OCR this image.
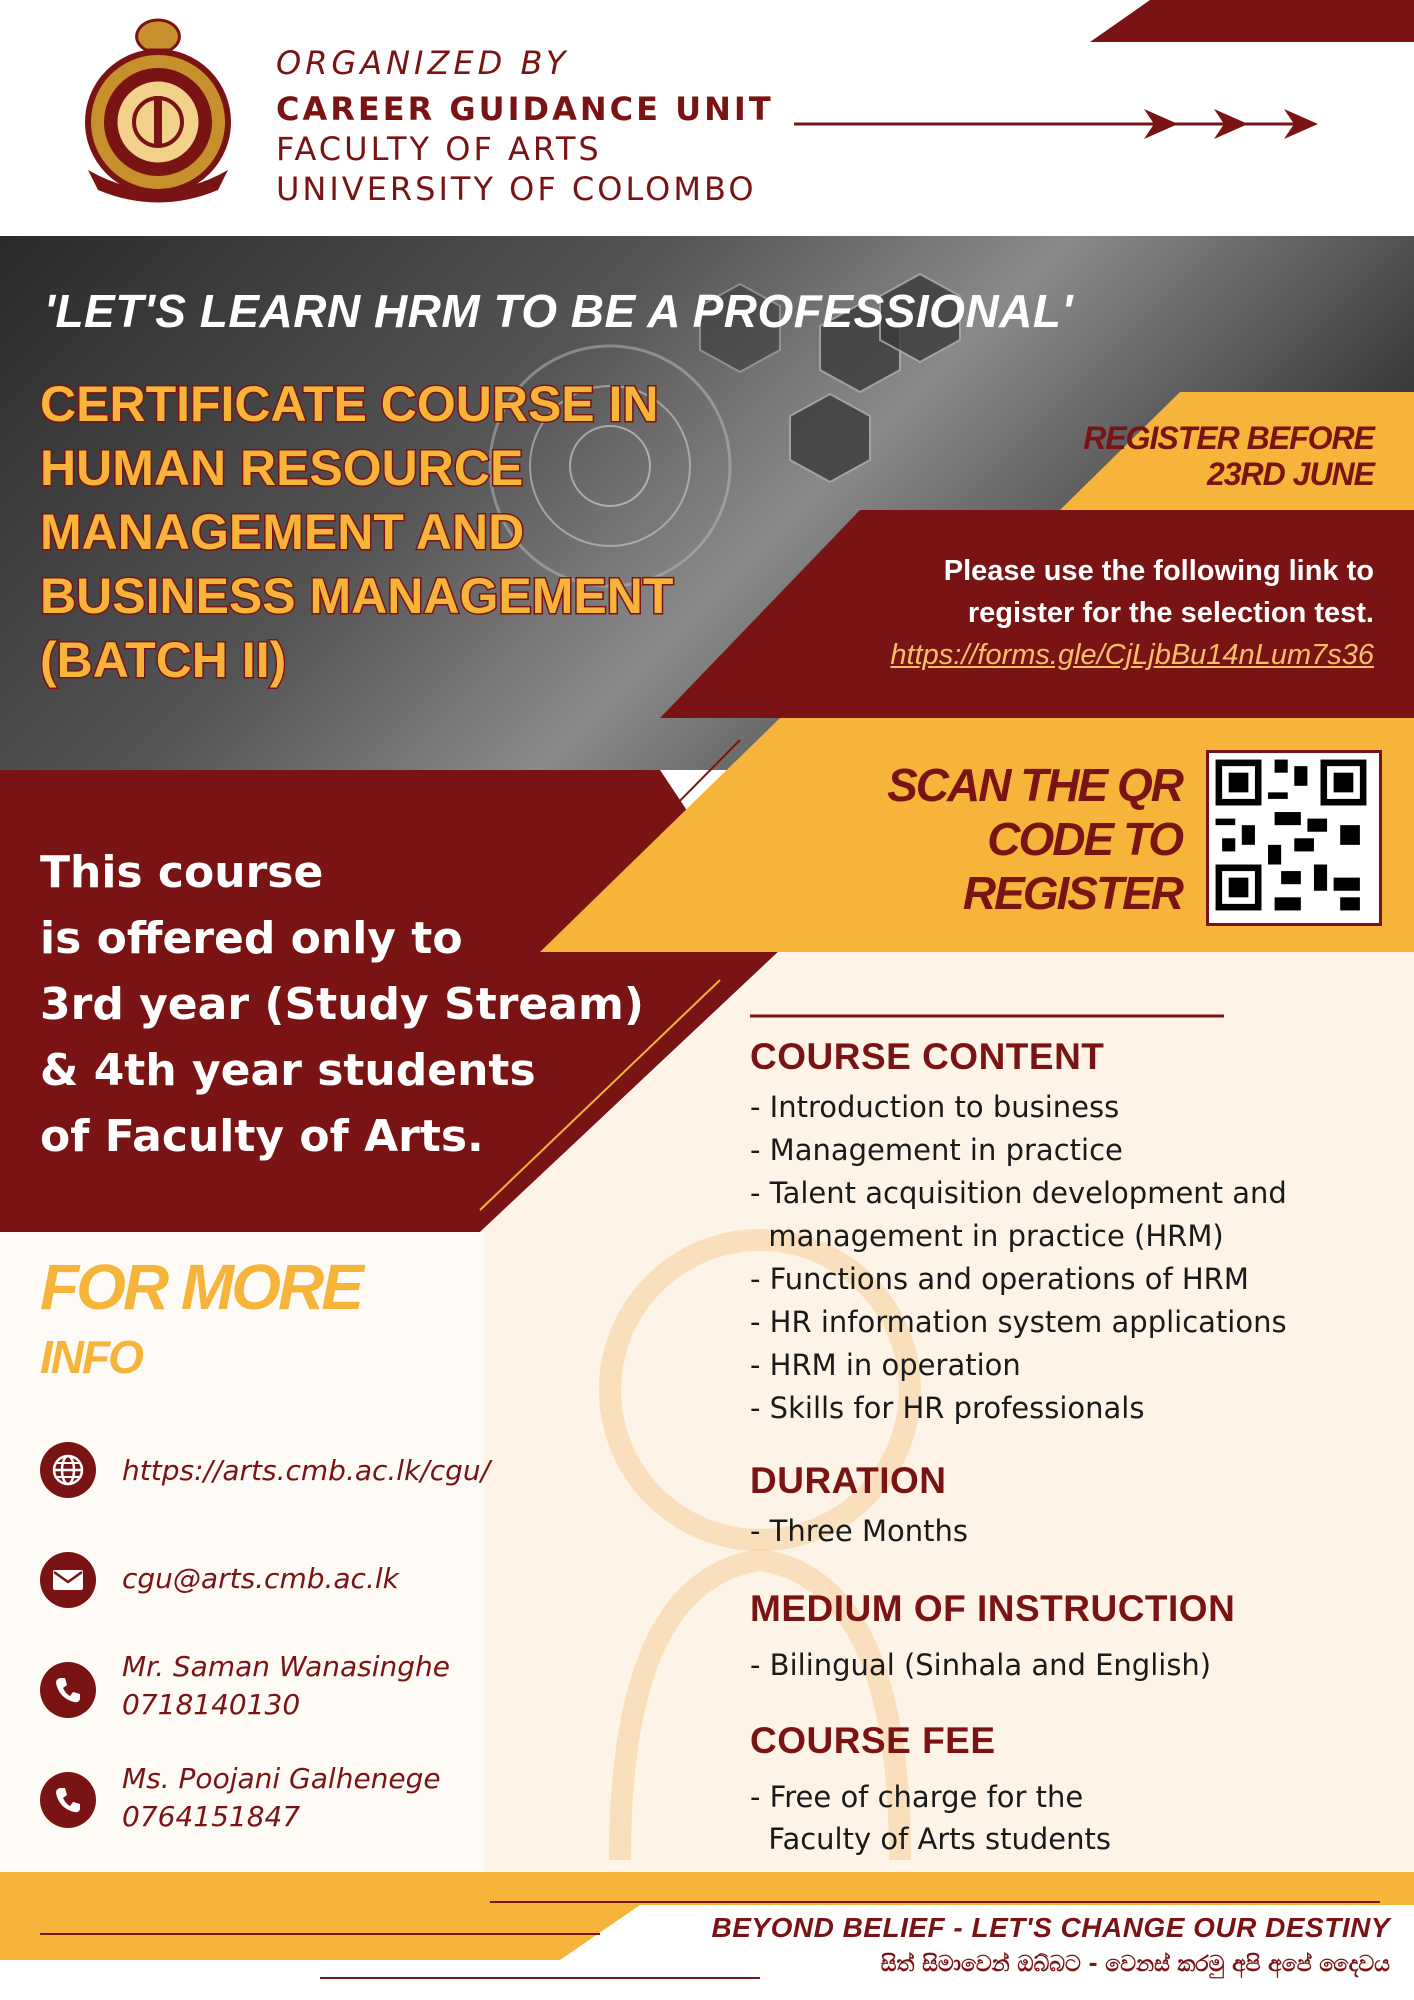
ORGANIZED BY
CAREER GUIDANCE UNIT
FACULTY OF ARTS
UNIVERSITY OF COLOMBO
'LET'S LEARN HRM TO BE A PROFESSIONAL'
CERTIFICATE COURSE IN
HUMAN RESOURCE
MANAGEMENT AND
BUSINESS MANAGEMENT
(BATCH II)
REGISTER BEFORE
23RD JUNE
Please use the following link to
register for the selection test.
https://forms.gle/CjLjbBu14nLum7s36
SCAN THE QR
CODE TO
REGISTER
This course
is offered only to
3rd year (Study Stream)
& 4th year students
of Faculty of Arts.
COURSE CONTENT
- Introduction to business
- Management in practice
- Talent acquisition development and
management in practice (HRM)
- Functions and operations of HRM
- HR information system applications
- HRM in operation
- Skills for HR professionals
DURATION
- Three Months
MEDIUM OF INSTRUCTION
- Bilingual (Sinhala and English)
COURSE FEE
- Free of charge for the
Faculty of Arts students
FOR MORE
INFO
https://arts.cmb.ac.lk/cgu/
cgu@arts.cmb.ac.lk
Mr. Saman Wanasinghe
0718140130
Ms. Poojani Galhenege
0764151847
BEYOND BELIEF - LET'S CHANGE OUR DESTINY
සිත් සිමාවෙන් ඔබ්බට - වෙනස් කරමු අපි අපේ දෛවය
